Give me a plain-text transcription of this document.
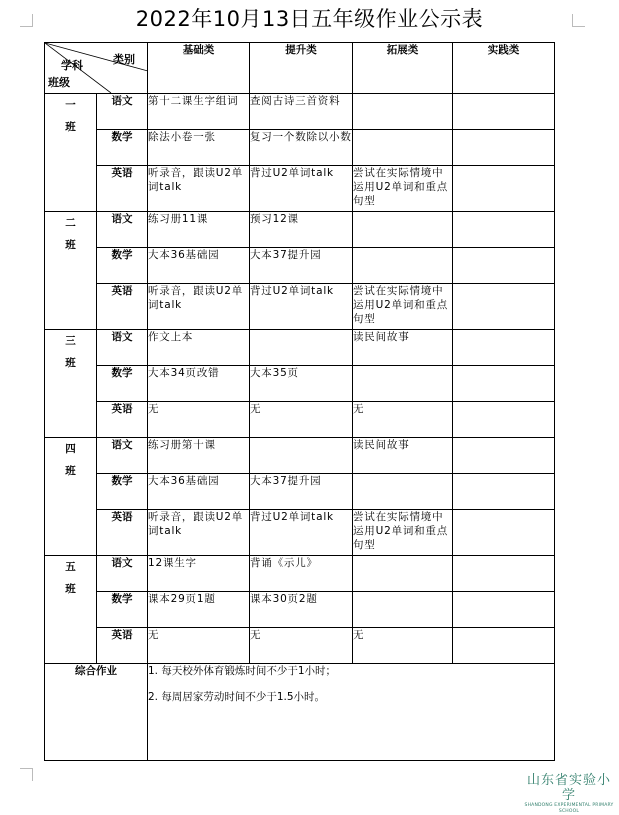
2022年10月13日五年级作业公示表
类别
学科
班级		基础类	提升类	拓展类	实践类

一
班	语文	第十二课生字组词	查阅古诗三首资料		
	数学	除法小卷一张	复习一个数除以小数		
	英语	听录音，跟读U2单词talk	背过U2单词talk	尝试在实际情境中运用U2单词和重点句型	

二
班	语文	练习册11课	预习12课		
	数学	大本36基础园	大本37提升园		
	英语	听录音，跟读U2单词talk	背过U2单词talk	尝试在实际情境中运用U2单词和重点句型	

三
班	语文	作文上本		读民间故事	
	数学	大本34页改错	大本35页		
	英语	无	无	无	

四
班	语文	练习册第十课		读民间故事	
	数学	大本36基础园	大本37提升园		
	英语	听录音，跟读U2单词talk	背过U2单词talk	尝试在实际情境中运用U2单词和重点句型	

五
班	语文	12课生字	背诵《示儿》		
	数学	课本29页1题	课本30页2题		
	英语	无	无	无	
综合作业		1. 每天校外体育锻炼时间不少于1小时；
2. 每周居家劳动时间不少于1.5小时。			
山东省实验小学
SHANDONG EXPERIMENTAL PRIMARY SCHOOL
